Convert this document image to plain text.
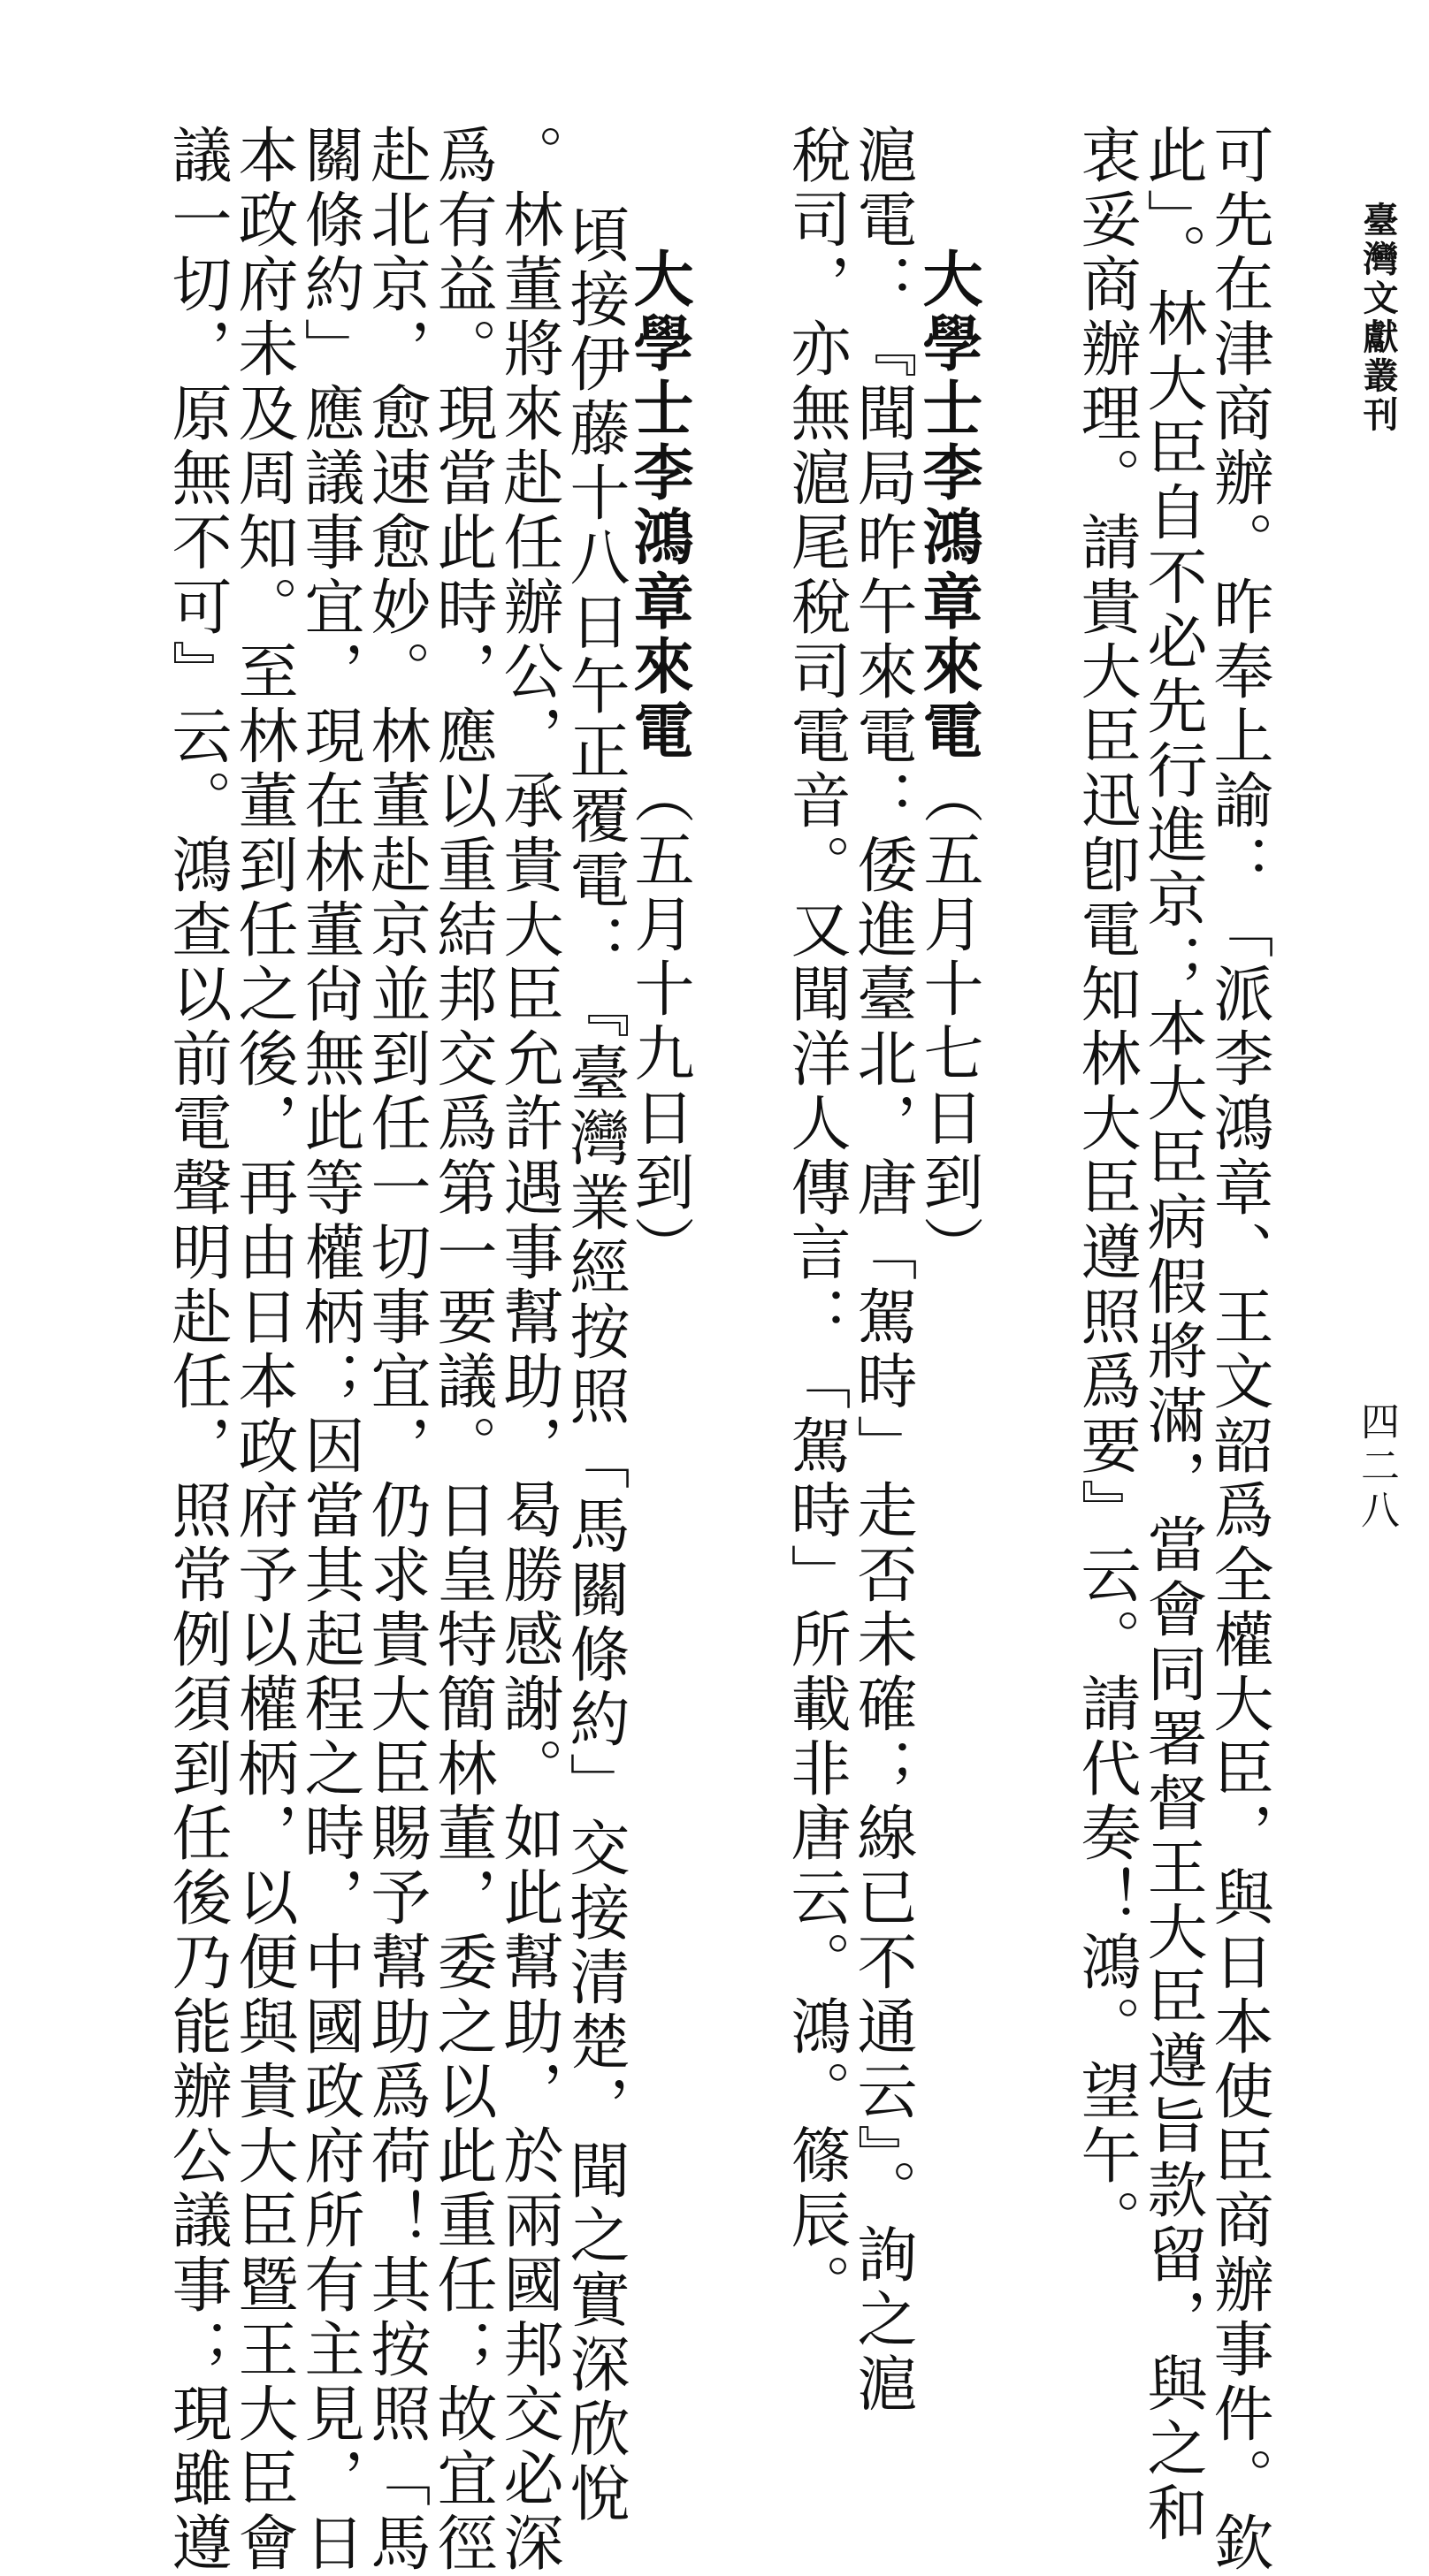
臺灣文獻叢刊
四二八
可先在津商辦。昨奉上諭：「派李鴻章、王文韶爲全權大臣，與日本使臣商辦事件。欽
此」。林大臣自不必先行進京；本大臣病假將滿，當會同署督王大臣遵旨款留，與之和
衷妥商辦理。請貴大臣迅卽電知林大臣遵照爲要』云。請代奏！鴻。望午。
大學士李鴻章來電（五月十七日到）
滬電：『聞局昨午來電：倭進臺北，唐「駕時」走否未確；線已不通云』。詢之滬
稅司，亦無滬尾稅司電音。又聞洋人傳言：「駕時」所載非唐云。鴻。篠辰。
大學士李鴻章來電（五月十九日到）
頃接伊藤十八日午正覆電：『臺灣業經按照「馬關條約」交接清楚，聞之實深欣悅
。林董將來赴任辦公，承貴大臣允許遇事幫助，曷勝感謝。如此幫助，於兩國邦交必深
爲有益。現當此時，應以重結邦交爲第一要議。日皇特簡林董，委之以此重任；故宜徑
赴北京，愈速愈妙。林董赴京並到任一切事宜，仍求貴大臣賜予幫助爲荷！其按照「馬
關條約」應議事宜，現在林董尙無此等權柄；因當其起程之時，中國政府所有主見，日
本政府未及周知。至林董到任之後，再由日本政府予以權柄，以便與貴大臣暨王大臣會
議一切，原無不可』云。鴻查以前電聲明赴任，照常例須到任後乃能辦公議事；現雖遵
